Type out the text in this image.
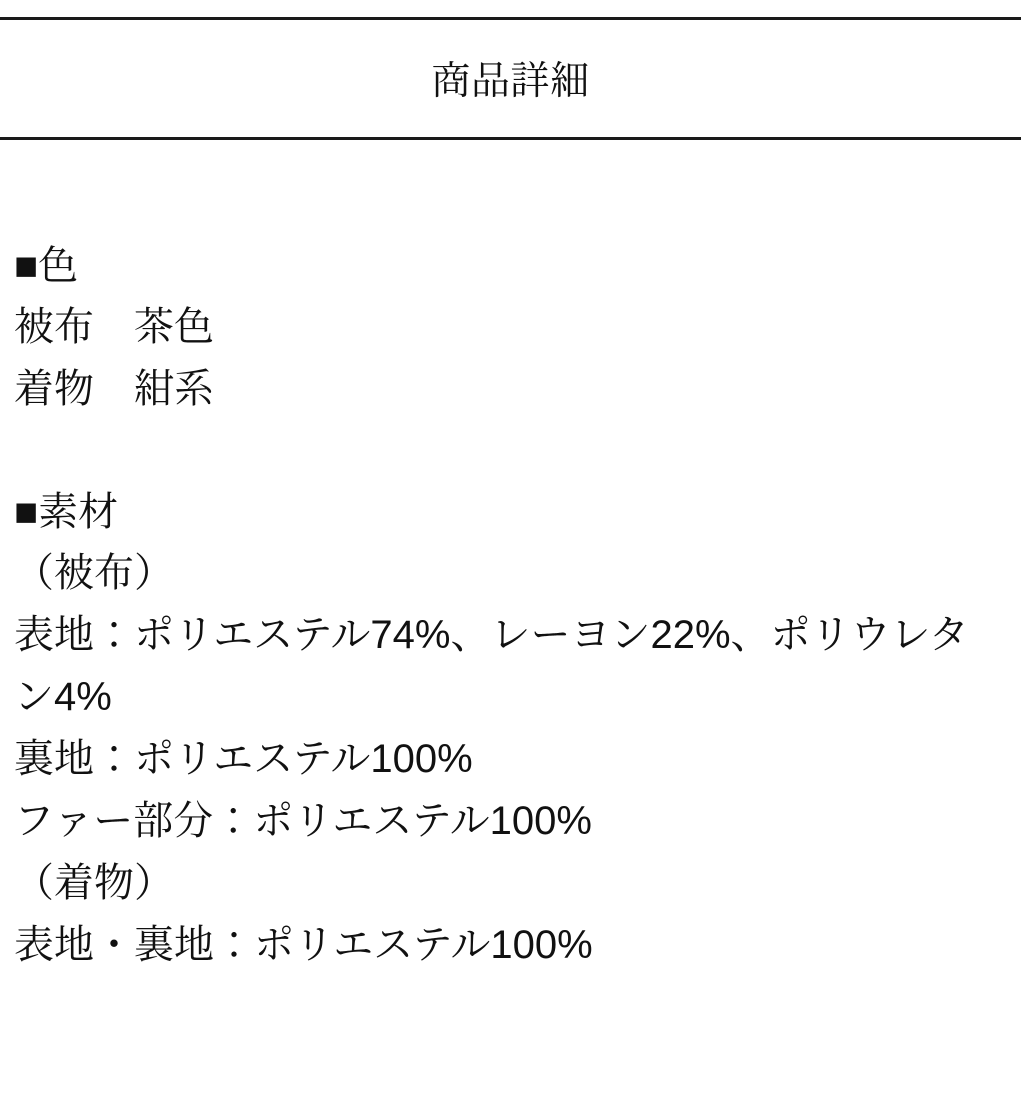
商品詳細
■色
被布　茶色
着物　紺系
■素材
（被布）
表地：ポリエステル74%、レーヨン22%、ポリウレタン4%
裏地：ポリエステル100%
ファー部分：ポリエステル100%
（着物）
表地・裏地：ポリエステル100%
